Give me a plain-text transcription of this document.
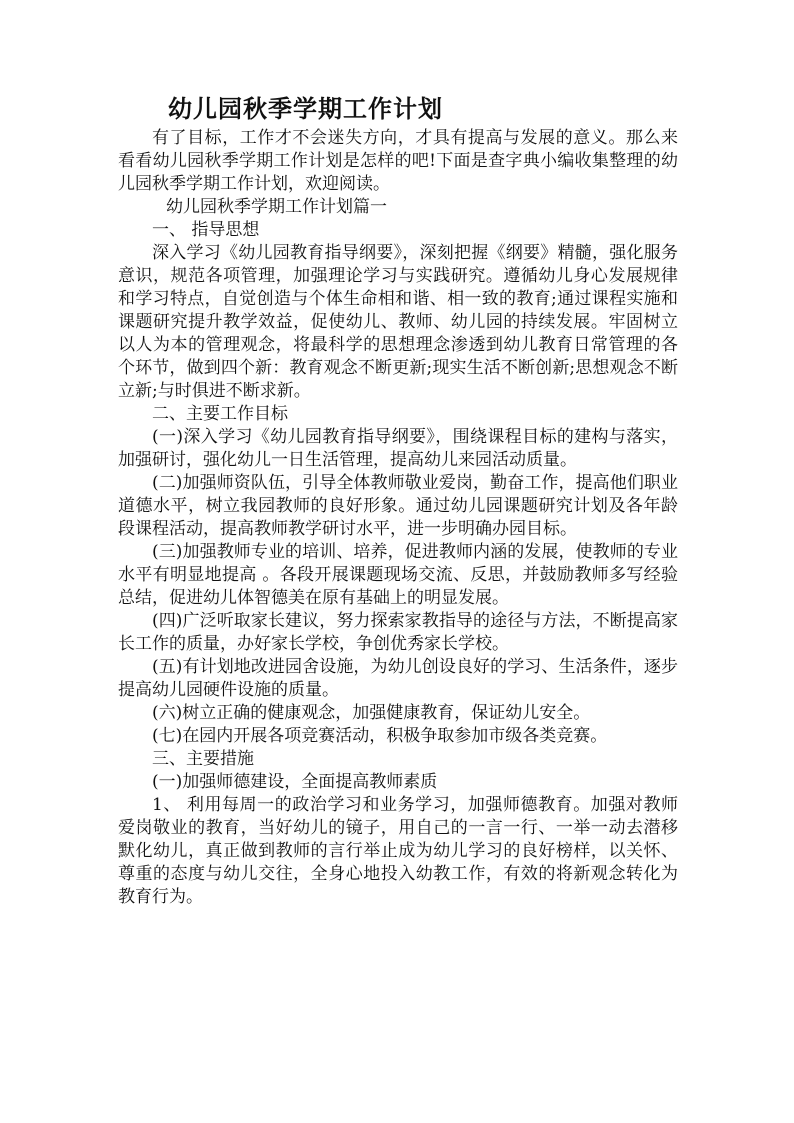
幼儿园秋季学期工作计划

有了目标，工作才不会迷失方向，才具有提高与发展的意义。那么来看看幼儿园秋季学期工作计划是怎样的吧!下面是查字典小编收集整理的幼儿园秋季学期工作计划，欢迎阅读。

幼儿园秋季学期工作计划篇一

一、 指导思想

深入学习《幼儿园教育指导纲要》，深刻把握《纲要》精髓，强化服务意识，规范各项管理，加强理论学习与实践研究。遵循幼儿身心发展规律和学习特点，自觉创造与个体生命相和谐、相一致的教育;通过课程实施和课题研究提升教学效益，促使幼儿、教师、幼儿园的持续发展。牢固树立以人为本的管理观念，将最科学的思想理念渗透到幼儿教育日常管理的各个环节，做到四个新：教育观念不断更新;现实生活不断创新;思想观念不断立新;与时俱进不断求新。

二、主要工作目标

(一)深入学习《幼儿园教育指导纲要》，围绕课程目标的建构与落实，加强研讨，强化幼儿一日生活管理，提高幼儿来园活动质量。

(二)加强师资队伍，引导全体教师敬业爱岗，勤奋工作，提高他们职业道德水平，树立我园教师的良好形象。通过幼儿园课题研究计划及各年龄段课程活动，提高教师教学研讨水平，进一步明确办园目标。

(三)加强教师专业的培训、培养，促进教师内涵的发展，使教师的专业水平有明显地提高 。各段开展课题现场交流、反思，并鼓励教师多写经验总结，促进幼儿体智德美在原有基础上的明显发展。

(四)广泛听取家长建议，努力探索家教指导的途径与方法，不断提高家长工作的质量，办好家长学校，争创优秀家长学校。

(五)有计划地改进园舍设施，为幼儿创设良好的学习、生活条件，逐步提高幼儿园硬件设施的质量。

(六)树立正确的健康观念，加强健康教育，保证幼儿安全。

(七)在园内开展各项竞赛活动，积极争取参加市级各类竞赛。

三、主要措施

(一)加强师德建设，全面提高教师素质

1、 利用每周一的政治学习和业务学习，加强师德教育。加强对教师爱岗敬业的教育，当好幼儿的镜子，用自己的一言一行、一举一动去潜移默化幼儿，真正做到教师的言行举止成为幼儿学习的良好榜样，以关怀、尊重的态度与幼儿交往，全身心地投入幼教工作，有效的将新观念转化为教育行为。
